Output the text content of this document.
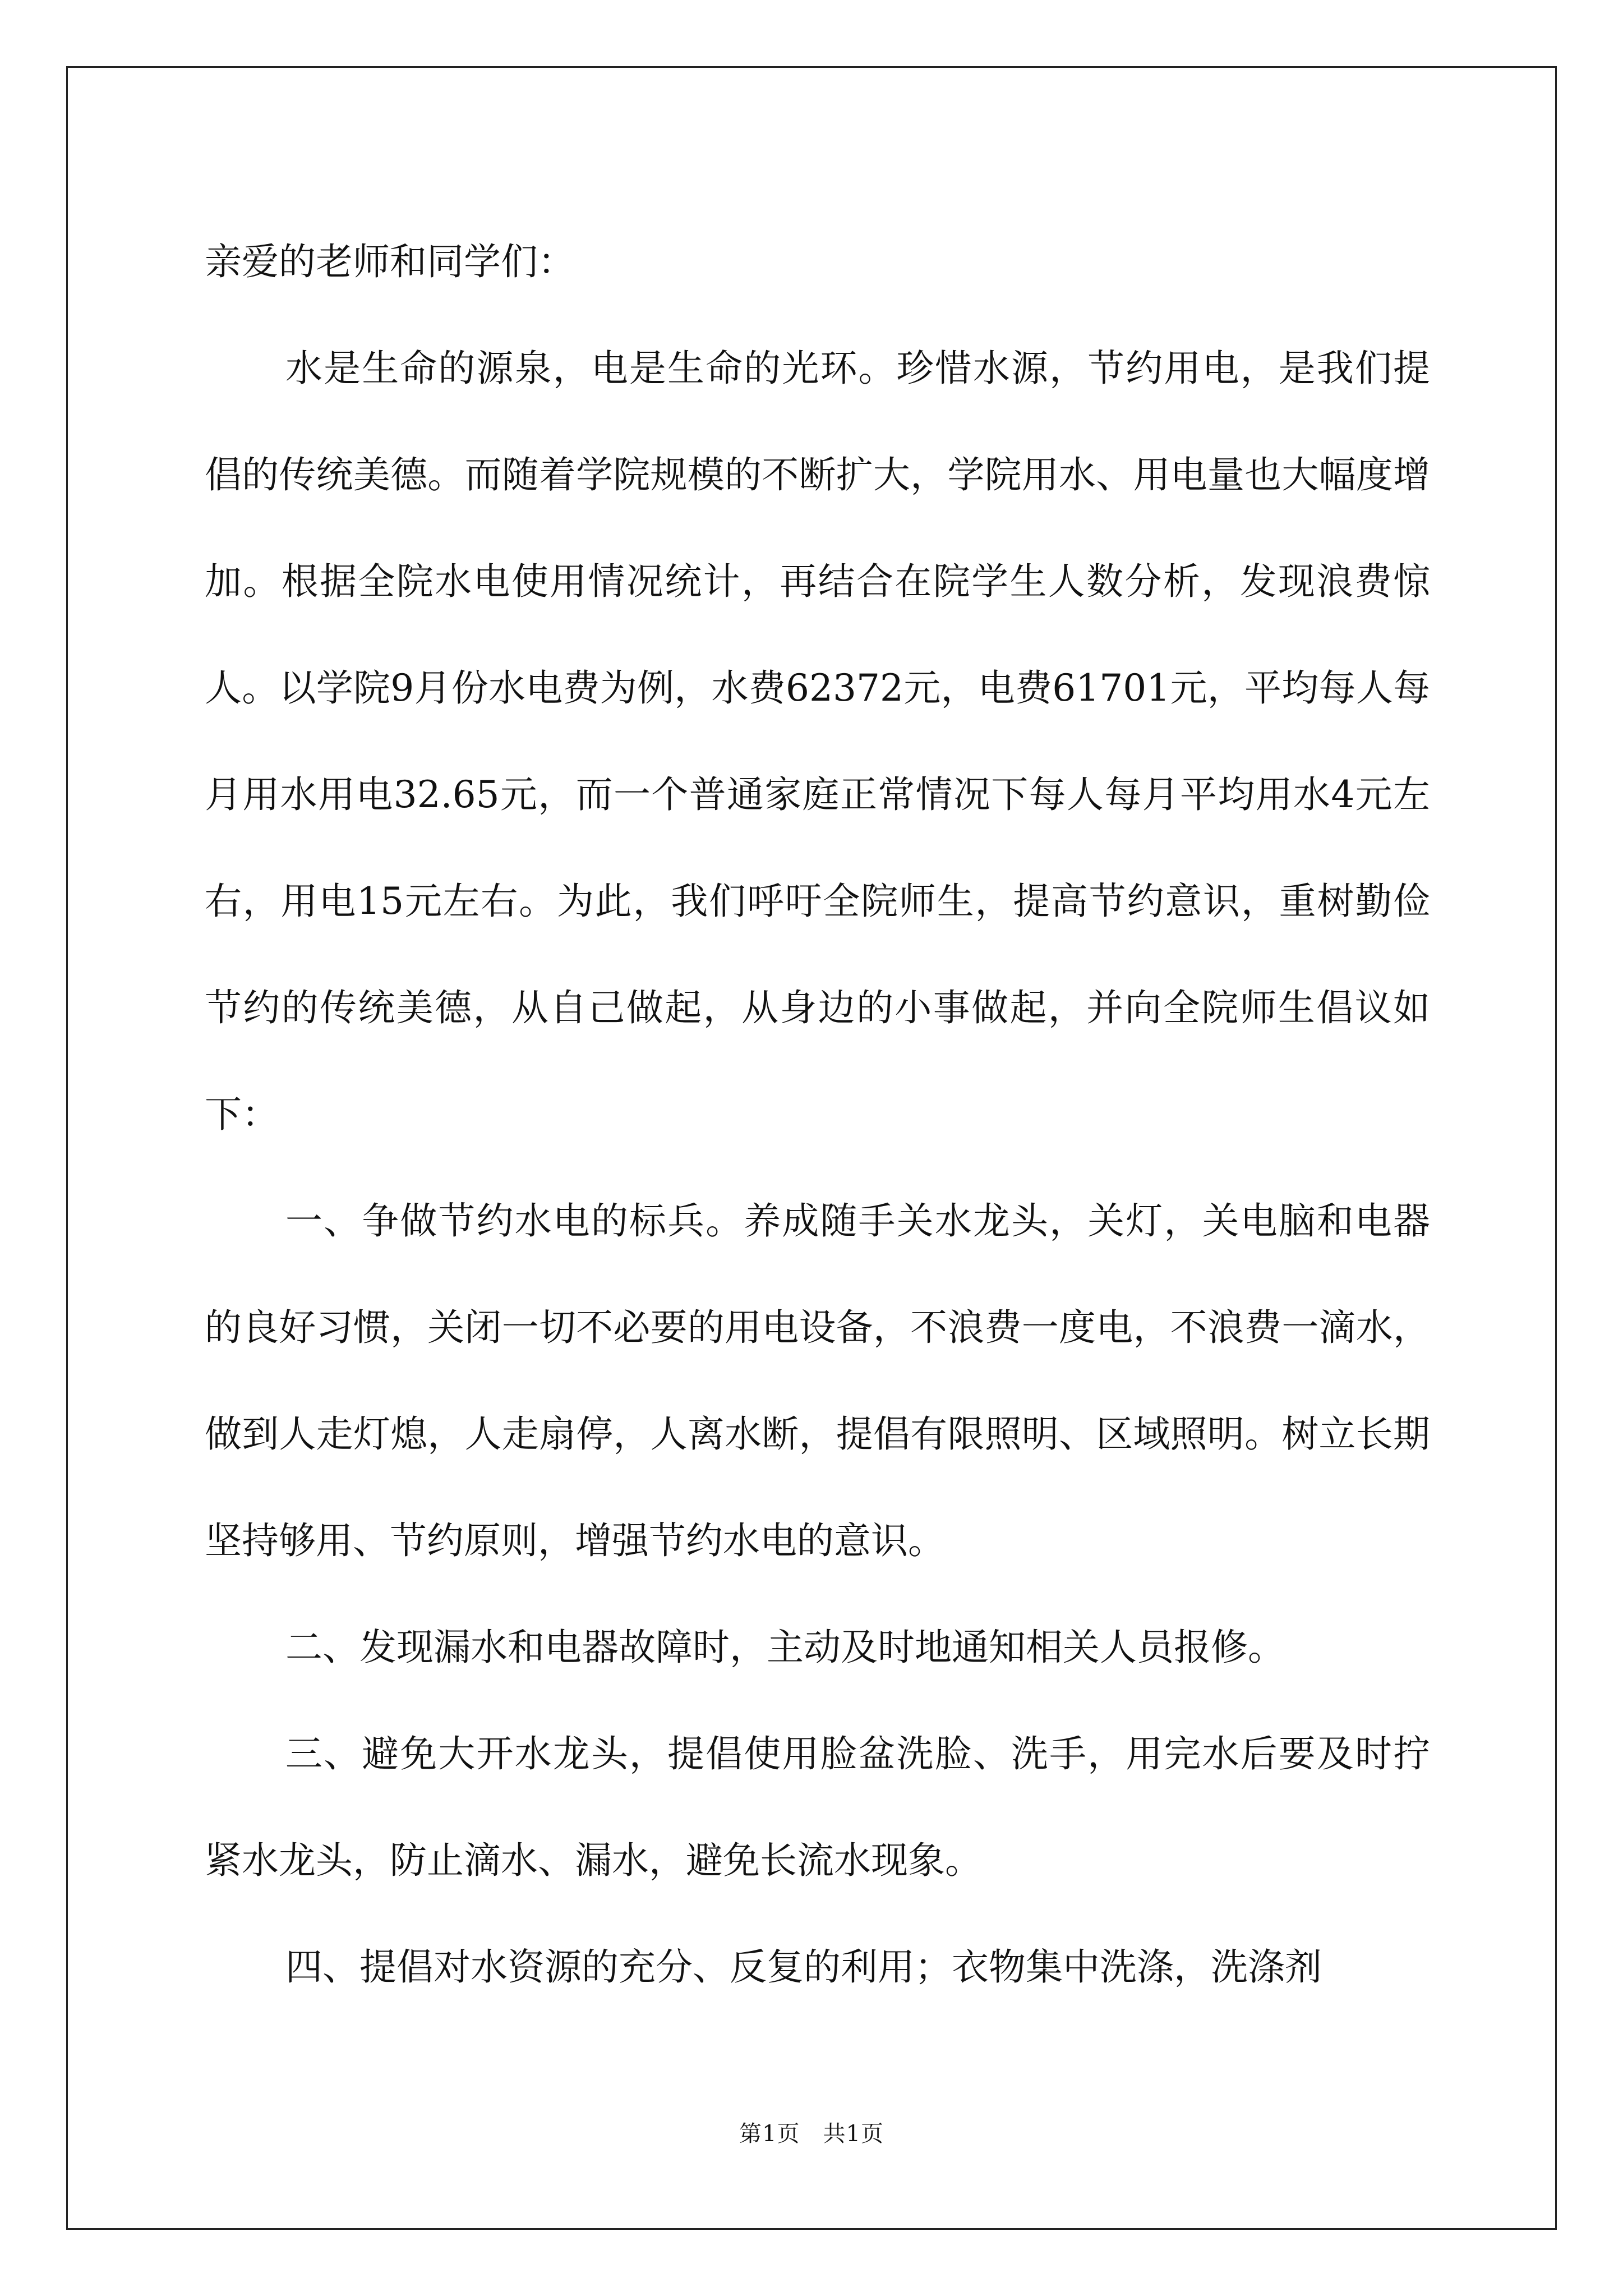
亲爱的老师和同学们：

水是生命的源泉，电是生命的光环。珍惜水源，节约用电，是我们提倡的传统美德。而随着学院规模的不断扩大，学院用水、用电量也大幅度增加。根据全院水电使用情况统计，再结合在院学生人数分析，发现浪费惊人。以学院9月份水电费为例，水费62372元，电费61701元，平均每人每月用水用电32.65元，而一个普通家庭正常情况下每人每月平均用水4元左右，用电15元左右。为此，我们呼吁全院师生，提高节约意识，重树勤俭节约的传统美德，从自己做起，从身边的小事做起，并向全院师生倡议如下：

一、争做节约水电的标兵。养成随手关水龙头，关灯，关电脑和电器的良好习惯，关闭一切不必要的用电设备，不浪费一度电，不浪费一滴水，做到人走灯熄，人走扇停，人离水断，提倡有限照明、区域照明。树立长期坚持够用、节约原则，增强节约水电的意识。

二、发现漏水和电器故障时，主动及时地通知相关人员报修。

三、避免大开水龙头，提倡使用脸盆洗脸、洗手，用完水后要及时拧紧水龙头，防止滴水、漏水，避免长流水现象。

四、提倡对水资源的充分、反复的利用；衣物集中洗涤，洗涤剂

第1页　共1页
